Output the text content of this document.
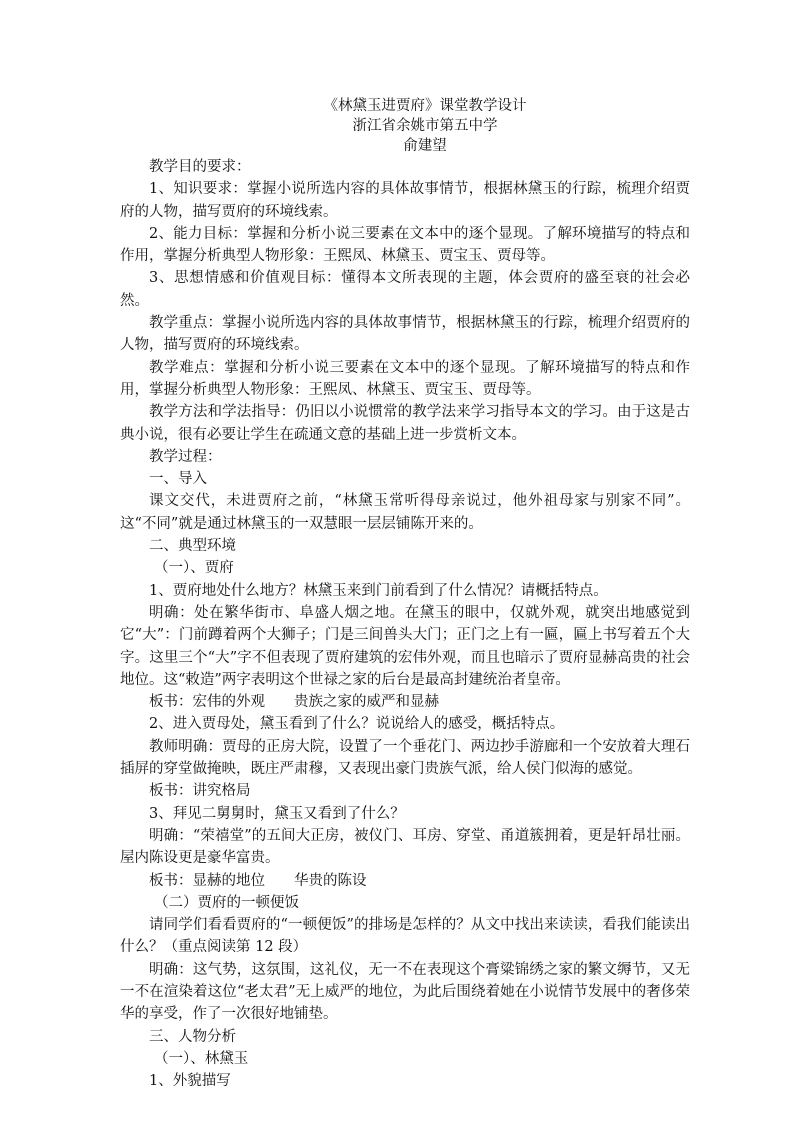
《林黛玉进贾府》课堂教学设计
浙江省余姚市第五中学
俞建望

教学目的要求：

1、知识要求：掌握小说所选内容的具体故事情节，根据林黛玉的行踪，梳理介绍贾府的人物，描写贾府的环境线索。

2、能力目标：掌握和分析小说三要素在文本中的逐个显现。了解环境描写的特点和作用，掌握分析典型人物形象：王熙凤、林黛玉、贾宝玉、贾母等。

3、思想情感和价值观目标：懂得本文所表现的主题，体会贾府的盛至衰的社会必然。

教学重点：掌握小说所选内容的具体故事情节，根据林黛玉的行踪，梳理介绍贾府的人物，描写贾府的环境线索。

教学难点：掌握和分析小说三要素在文本中的逐个显现。了解环境描写的特点和作用，掌握分析典型人物形象：王熙凤、林黛玉、贾宝玉、贾母等。

教学方法和学法指导：仍旧以小说惯常的教学法来学习指导本文的学习。由于这是古典小说，很有必要让学生在疏通文意的基础上进一步赏析文本。

教学过程：

一、导入

课文交代，未进贾府之前，“林黛玉常听得母亲说过，他外祖母家与别家不同”。这“不同”就是通过林黛玉的一双慧眼一层层铺陈开来的。

二、典型环境

（一）、贾府

1、贾府地处什么地方？林黛玉来到门前看到了什么情况？请概括特点。

明确：处在繁华街市、阜盛人烟之地。在黛玉的眼中，仅就外观，就突出地感觉到它“大”：门前蹲着两个大狮子；门是三间兽头大门；正门之上有一匾，匾上书写着五个大字。这里三个“大”字不但表现了贾府建筑的宏伟外观，而且也暗示了贾府显赫高贵的社会地位。这“敕造”两字表明这个世禄之家的后台是最高封建统治者皇帝。

板书：宏伟的外观　　贵族之家的威严和显赫

2、进入贾母处，黛玉看到了什么？说说给人的感受，概括特点。

教师明确：贾母的正房大院，设置了一个垂花门、两边抄手游廊和一个安放着大理石插屏的穿堂做掩映，既庄严肃穆，又表现出豪门贵族气派，给人侯门似海的感觉。

板书：讲究格局

3、拜见二舅舅时，黛玉又看到了什么？

明确：“荣禧堂”的五间大正房，被仪门、耳房、穿堂、甬道簇拥着，更是轩昂壮丽。屋内陈设更是豪华富贵。

板书：显赫的地位　　华贵的陈设

（二）贾府的一顿便饭

请同学们看看贾府的“一顿便饭”的排场是怎样的？从文中找出来读读，看我们能读出什么？（重点阅读第 12 段）

明确：这气势，这氛围，这礼仪，无一不在表现这个膏粱锦绣之家的繁文缛节，又无一不在渲染着这位“老太君”无上威严的地位，为此后围绕着她在小说情节发展中的奢侈荣华的享受，作了一次很好地铺垫。

三、人物分析

（一）、林黛玉

1、外貌描写
